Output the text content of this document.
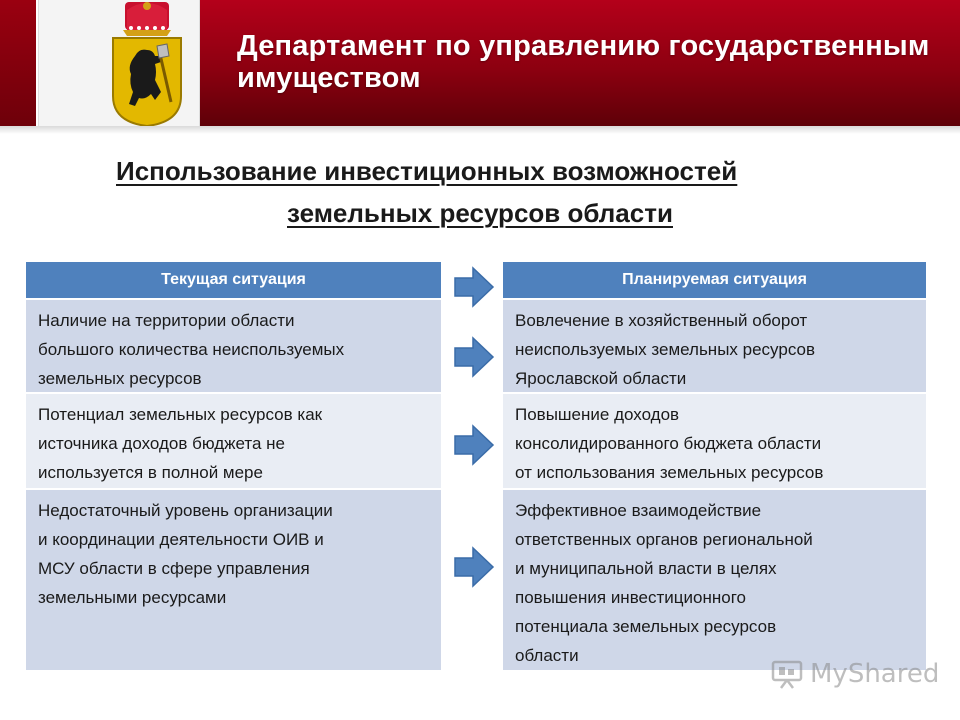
Департамент по управлению государственным
имуществом
Использование инвестиционных возможностей
земельных ресурсов области
Текущая ситуация
Наличие на территории области
большого количества неиспользуемых
земельных ресурсов
Потенциал земельных ресурсов как
источника доходов бюджета не
используется в полной мере
Недостаточный уровень организации
и координации деятельности ОИВ и
МСУ области в сфере управления
земельными ресурсами
Планируемая ситуация
Вовлечение в хозяйственный оборот
неиспользуемых земельных ресурсов
Ярославской области
Повышение доходов
консолидированного бюджета области
от использования земельных ресурсов
Эффективное взаимодействие
ответственных органов региональной
и муниципальной власти в целях
повышения инвестиционного
потенциала земельных ресурсов
области
MyShared
